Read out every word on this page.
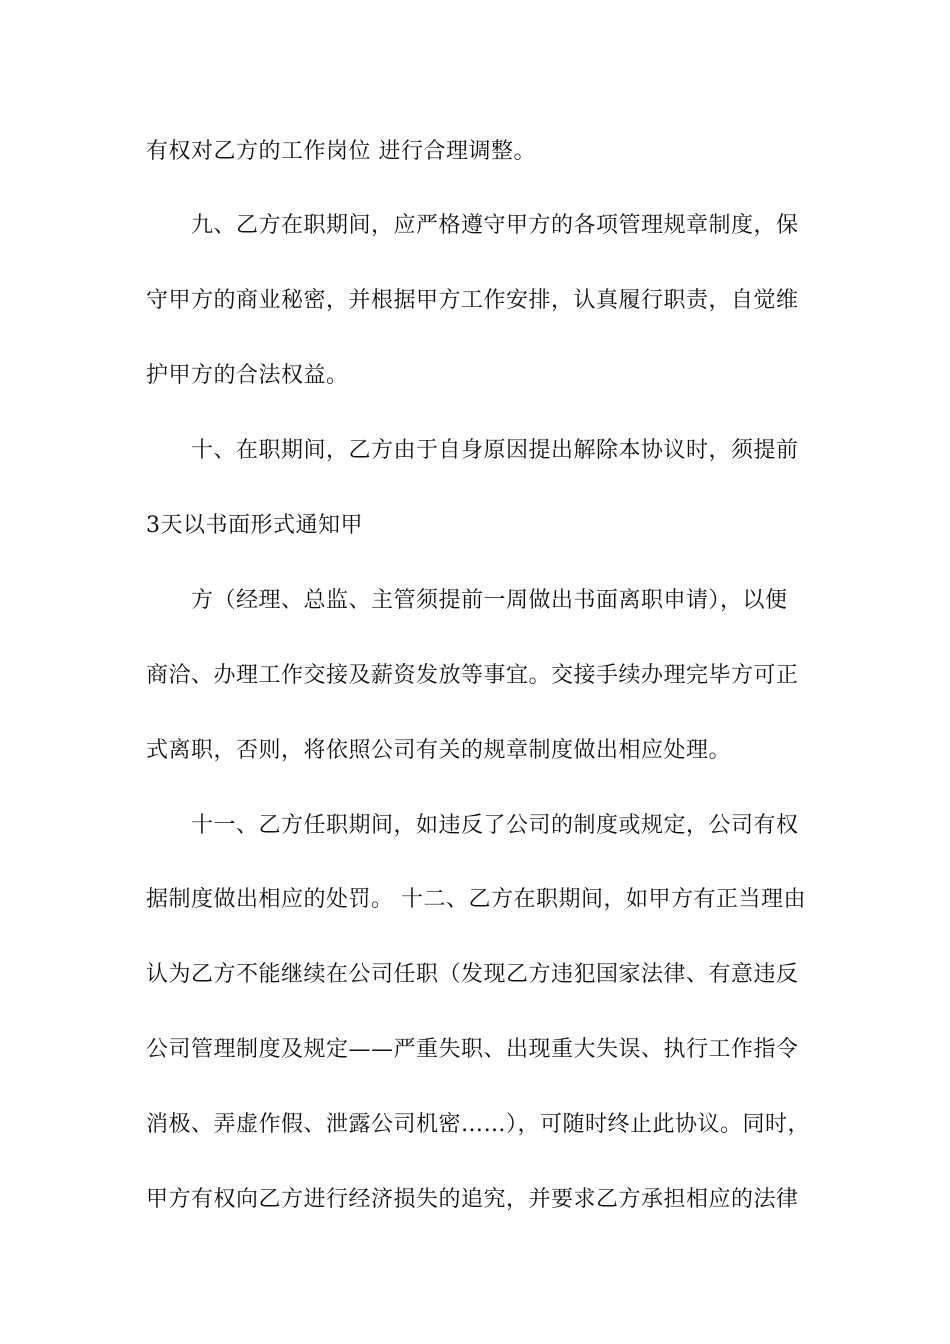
有权对乙方的工作岗位 进行合理调整。
九、乙方在职期间，应严格遵守甲方的各项管理规章制度，保
守甲方的商业秘密，并根据甲方工作安排，认真履行职责，自觉维
护甲方的合法权益。
十、在职期间，乙方由于自身原因提出解除本协议时，须提前
3天以书面形式通知甲
方（经理、总监、主管须提前一周做出书面离职申请），以便
商洽、办理工作交接及薪资发放等事宜。交接手续办理完毕方可正
式离职，否则，将依照公司有关的规章制度做出相应处理。
十一、乙方任职期间，如违反了公司的制度或规定，公司有权
据制度做出相应的处罚。 十二、乙方在职期间，如甲方有正当理由
认为乙方不能继续在公司任职（发现乙方违犯国家法律、有意违反
公司管理制度及规定——严重失职、出现重大失误、执行工作指令
消极、弄虚作假、泄露公司机密……），可随时终止此协议。同时，
甲方有权向乙方进行经济损失的追究，并要求乙方承担相应的法律
